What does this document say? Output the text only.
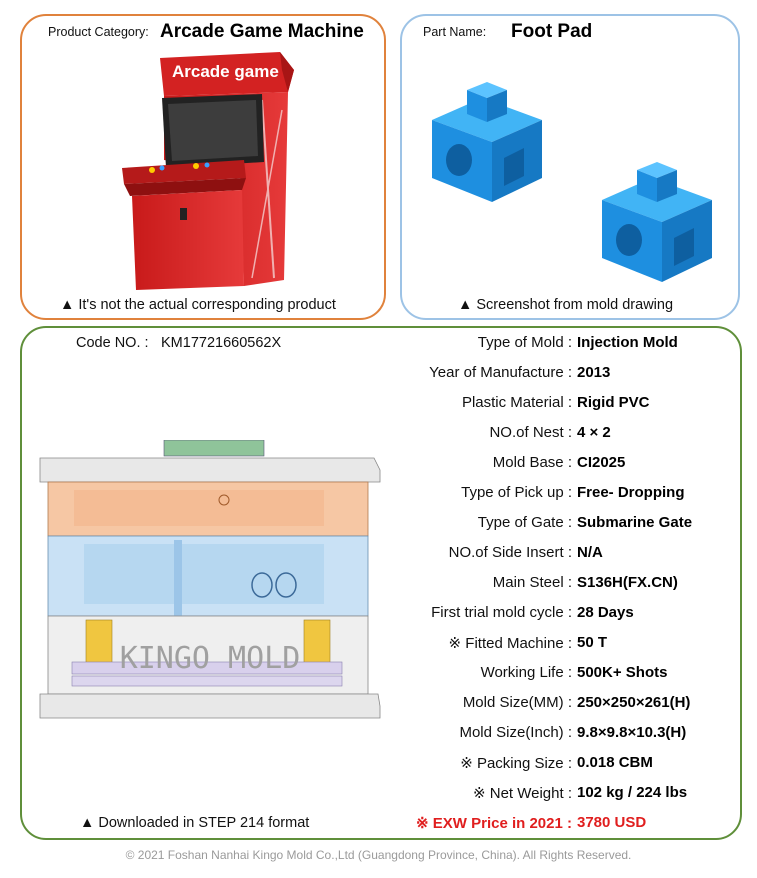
Product Category: Arcade Game Machine
Arcade game
▲ It's not the actual corresponding product
Part Name: Foot Pad
▲ Screenshot from mold drawing
Code NO. : KM17721660562X
KINGO MOLD
▲ Downloaded in STEP 214 format
Type of Mold : Injection Mold
Year of Manufacture : 2013
Plastic Material : Rigid PVC
NO.of Nest : 4 × 2
Mold Base : CI2025
Type of Pick up : Free- Dropping
Type of Gate : Submarine Gate
NO.of Side Insert : N/A
Main Steel : S136H(FX.CN)
First trial mold cycle : 28 Days
※ Fitted Machine : 50 T
Working Life : 500K+ Shots
Mold Size(MM) : 250×250×261(H)
Mold Size(Inch) : 9.8×9.8×10.3(H)
※ Packing Size : 0.018 CBM
※ Net Weight : 102 kg / 224 lbs
※ EXW Price in 2021 : 3780 USD
© 2021 Foshan Nanhai Kingo Mold Co.,Ltd (Guangdong Province, China). All Rights Reserved.
